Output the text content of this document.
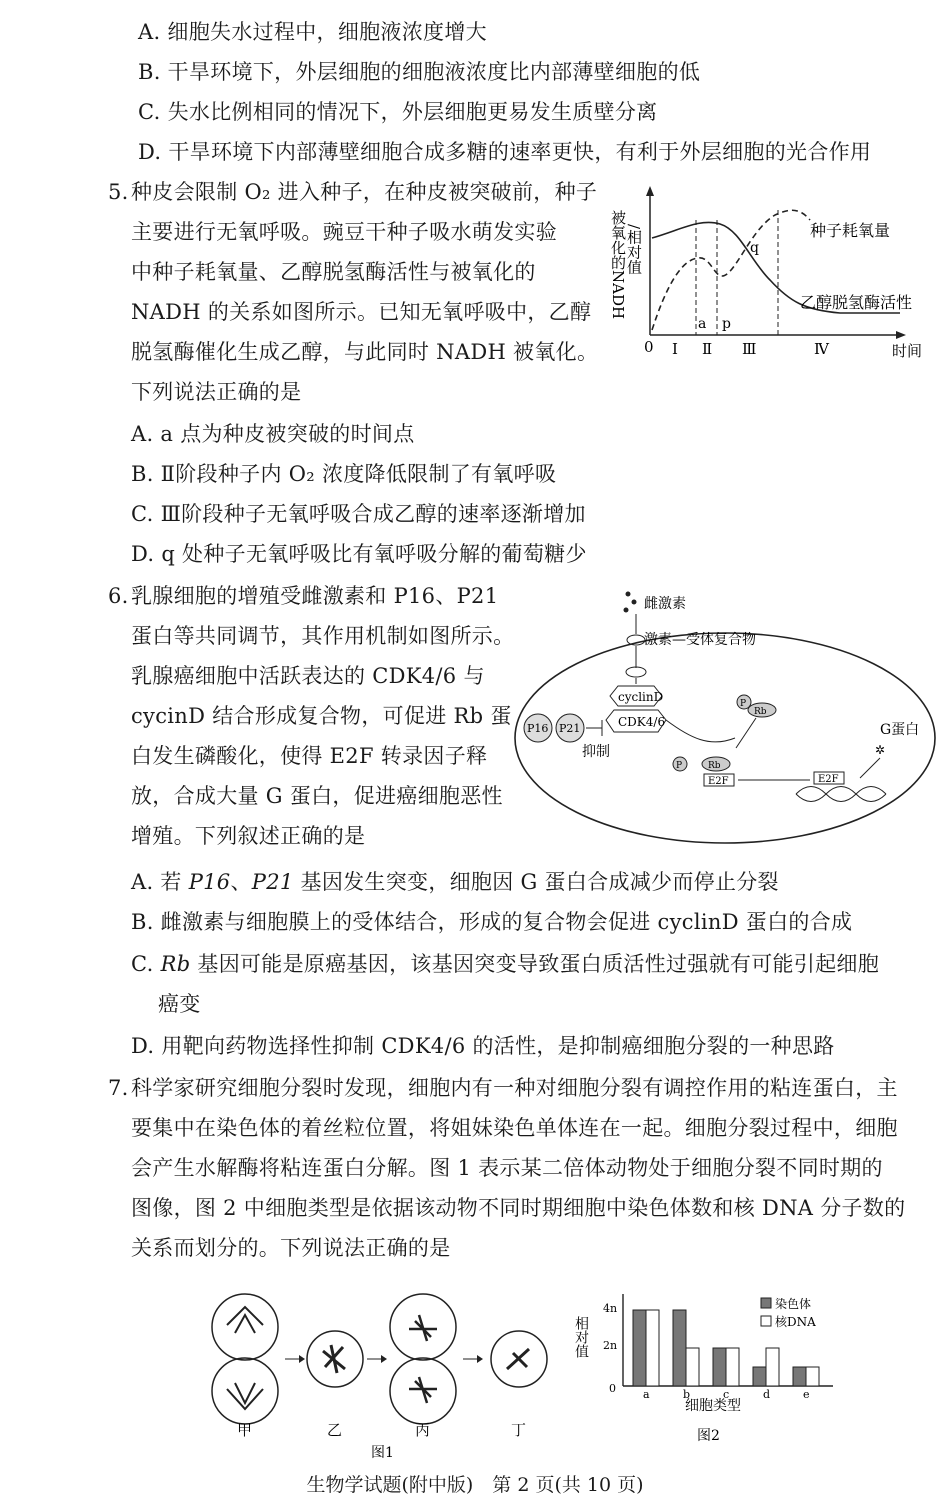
A. 细胞失水过程中，细胞液浓度增大
B. 干旱环境下，外层细胞的细胞液浓度比内部薄壁细胞的低
C. 失水比例相同的情况下，外层细胞更易发生质壁分离
D. 干旱环境下内部薄壁细胞合成多糖的速率更快，有利于外层细胞的光合作用
5. 种皮会限制 O₂ 进入种子，在种皮被突破前，种子
主要进行无氧呼吸。豌豆干种子吸水萌发实验
中种子耗氧量、乙醇脱氢酶活性与被氧化的
NADH 的关系如图所示。已知无氧呼吸中，乙醇
脱氢酶催化生成乙醇，与此同时 NADH 被氧化。
下列说法正确的是
A. a 点为种皮被突破的时间点
B. Ⅱ阶段种子内 O₂ 浓度降低限制了有氧呼吸
C. Ⅲ阶段种子无氧呼吸合成乙醇的速率逐渐增加
D. q 处种子无氧呼吸比有氧呼吸分解的葡萄糖少
被氧化的NADH
/相对值
0	时间
a p
q
Ⅰ Ⅱ Ⅲ	Ⅳ
种子耗氧量
乙醇脱氢酶活性
6. 乳腺细胞的增殖受雌激素和 P16、P21
蛋白等共同调节，其作用机制如图所示。
乳腺癌细胞中活跃表达的 CDK4/6 与
cycinD 结合形成复合物，可促进 Rb 蛋
白发生磷酸化，使得 E2F 转录因子释
放，合成大量 G 蛋白，促进癌细胞恶性
增殖。下列叙述正确的是
雌激素
激素—受体复合物
cyclinD
CDK4/6
P16 P21
抑制
P
Rb
P	Rb
E2F	E2F
✲
G蛋白
A. 若 P16、P21 基因发生突变，细胞因 G 蛋白合成减少而停止分裂
B. 雌激素与细胞膜上的受体结合，形成的复合物会促进 cyclinD 蛋白的合成
C. Rb 基因可能是原癌基因，该基因突变导致蛋白质活性过强就有可能引起细胞
癌变
D. 用靶向药物选择性抑制 CDK4/6 的活性，是抑制癌细胞分裂的一种思路
7. 科学家研究细胞分裂时发现，细胞内有一种对细胞分裂有调控作用的粘连蛋白，主
要集中在染色体的着丝粒位置，将姐妹染色单体连在一起。细胞分裂过程中，细胞
会产生水解酶将粘连蛋白分解。图 1 表示某二倍体动物处于细胞分裂不同时期的
图像，图 2 中细胞类型是依据该动物不同时期细胞中染色体数和核 DNA 分子数的
关系而划分的。下列说法正确的是
甲	乙	丙	丁
图1
相对值
4n
2n
0 a	b	c	d	e
染色体
核DNA
细胞类型
图2
生物学试题(附中版)　第 2 页(共 10 页)
